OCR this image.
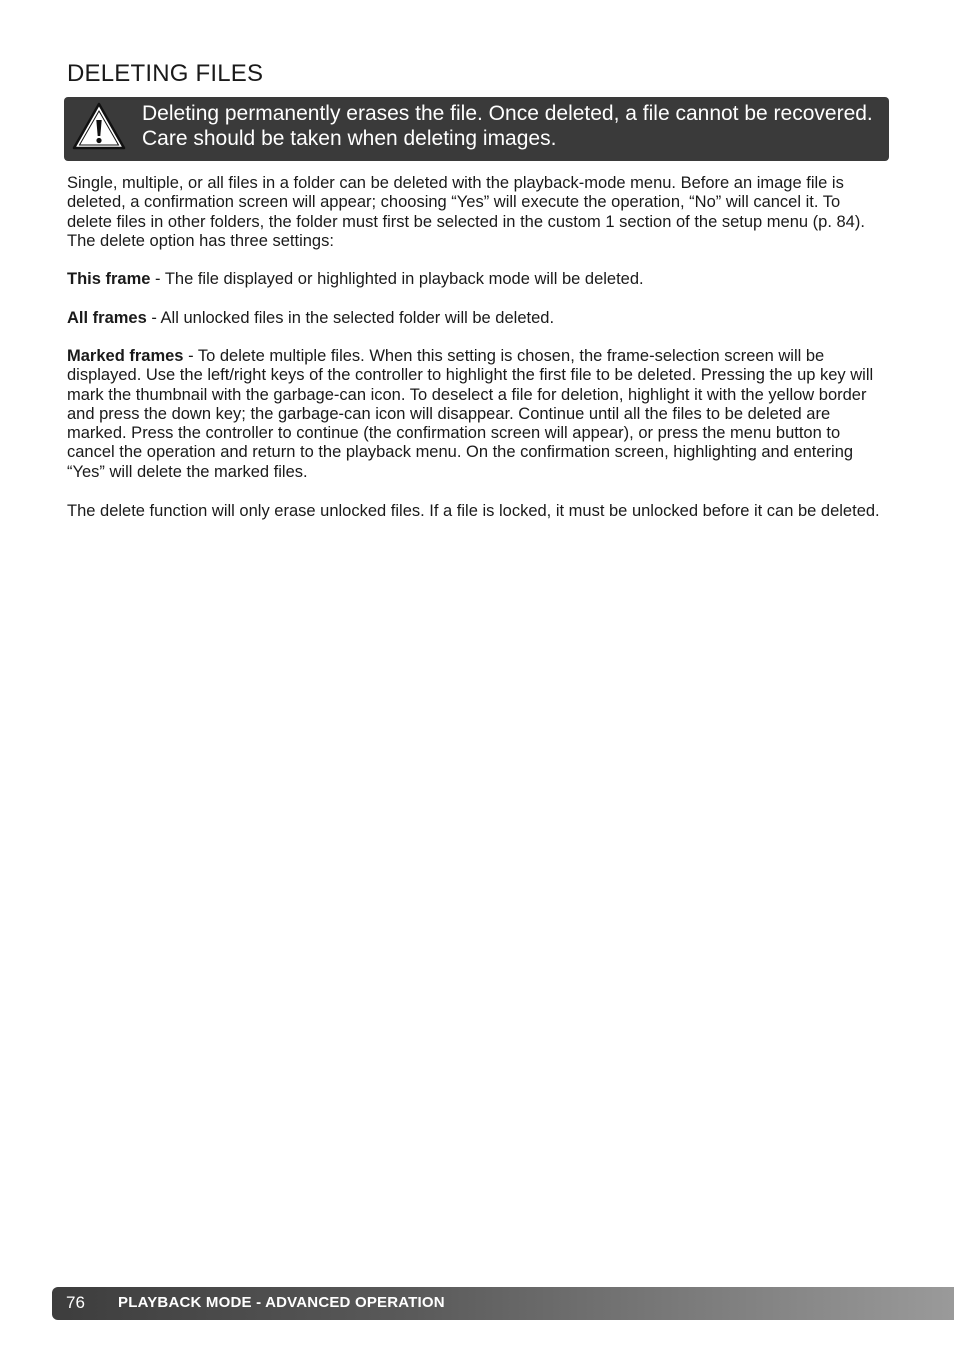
DELETING FILES
Deleting permanently erases the file. Once deleted, a file cannot be recovered. Care should be taken when deleting images.

Single, multiple, or all files in a folder can be deleted with the playback-mode menu. Before an image file is deleted, a confirmation screen will appear; choosing “Yes” will execute the operation, “No” will cancel it. To delete files in other folders, the folder must first be selected in the custom 1 section of the setup menu (p. 84). The delete option has three settings:

This frame - The file displayed or highlighted in playback mode will be deleted.

All frames - All unlocked files in the selected folder will be deleted.

Marked frames - To delete multiple files. When this setting is chosen, the frame-selection screen will be displayed. Use the left/right keys of the controller to highlight the first file to be deleted. Pressing the up key will mark the thumbnail with the garbage-can icon. To deselect a file for deletion, highlight it with the yellow border and press the down key; the garbage-can icon will disappear. Continue until all the files to be deleted are marked. Press the controller to continue (the confirmation screen will appear), or press the menu button to cancel the operation and return to the playback menu. On the confirmation screen, highlighting and entering “Yes” will delete the marked files.

The delete function will only erase unlocked files. If a file is locked, it must be unlocked before it can be deleted.

76 PLAYBACK MODE - ADVANCED OPERATION
